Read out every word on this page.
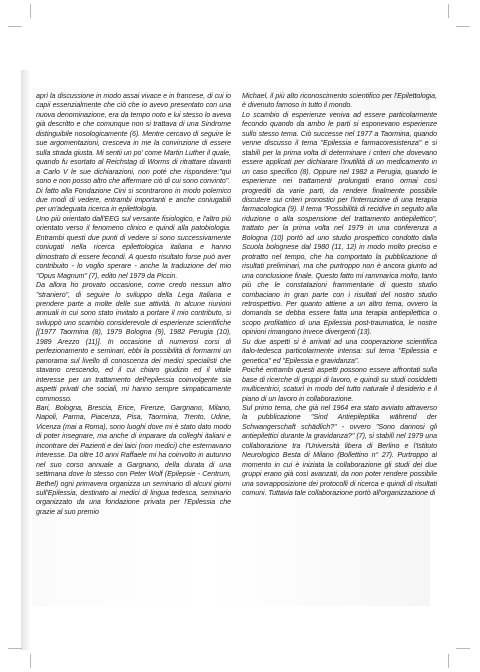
aprì la discussione in modo assai vivace e in francese, di cui io capii essenzialmente che ciò che io avevo presentato con una nuova denominazione, era da tempo noto e lui stesso lo aveva già descritto e che comunque non si trattava di una Sindrome distinguibile nosologicamente (6). Mentre cercavo di seguire le sue argomentazioni, cresceva in me la convinzione di essere sulla strada giusta. Mi sentii un po' come Martin Luther il quale, quando fu esortato al Reichstag di Worms di ritrattare davanti a Carlo V le sue dichiarazioni, non poté che rispondere:"qui sono e non posso altro che affermare ciò di cui sono convinto".

Di fatto alla Fondazione Cini si scontrarono in modo polemico due modi di vedere, entrambi importanti e anche coniugabili per un'adeguata ricerca in epilettologia.

Uno più orientato dall'EEG sul versante fisiologico, e l'altro più orientato verso il fenomeno clinico e quindi alla patobiologia. Entrambi questi due punti di vedere si sono successivamente coniugati nella ricerca epilettologica italiana e hanno dimostrato di essere fecondi. A questo risultato forse può aver contribuito - lo voglio sperare - anche la traduzione del mio "Opus Magnum" (7), edito nel 1979 da Piccin.

Da allora ho provato occasione, come credo nessun altro "straniero", di seguire lo sviluppo della Lega Italiana e prendere parte a molte delle sue attività. In alcune riunioni annuali in cui sono stato invitato a portare il mio contributo, si sviluppò uno scambio considerevole di esperienze scientifiche [(1977 Taormina (8), 1979 Bologna (9), 1982 Perugia (10), 1989 Arezzo (11)]. In occasione di numerosi corsi di perfezionamento e seminari, ebbi la possibilità di formarmi un panorama sul livello di conoscenza dei medici specialisti che stavano crescendo, ed il cui chiaro giudizio ed il vitale interesse per un trattamento dell'epilessia coinvolgente sia aspetti privati che sociali, mi hanno sempre simpaticamente commosso.

Bari, Bologna, Brescia, Erice, Firenze, Gargnano, Milano, Napoli, Parma, Piacenza, Pisa, Taormina, Trento, Udine, Vicenza (mai a Roma), sono luoghi dove mi è stato dato modo di poter insegnare, ma anche di imparare da colleghi italiani e incontrare dei Pazienti e dei laici (non medici) che esternavano interesse. Da oltre 10 anni Raffaele mi ha coinvolto in autunno nel suo corso annuale a Gargnano, della durata di una settimana dove lo stesso con Peter Wolf (Epilepsie - Centrum, Bethel) ogni primavera organizza un seminario di alcuni giorni sull'Epilessia, destinato ai medici di lingua tedesca, seminario organizzato da una fondazione privata per l'Epilessia che grazie al suo premio

Michael, il più alto riconoscimento scientifico per l'Epilettologia, è divenuto famoso in tutto il mondo.

Lo scambio di esperienze veniva ad essere particolarmente fecondo quando da ambo le parti si esponevano esperienze sullo stesso tema. Ciò successe nel 1977 a Taormina, quando venne discusso il tema "Epilessia e farmacoresistenza" e si stabilì per la prima volta di determinare i criteri che dovevano essere applicati per dichiarare l'inutilità di un medicamento in un caso specifico (8). Oppure nel 1982 a Perugia, quando le esperienze nei trattamenti prolungati erano ormai così progrediti da varie parti, da rendere finalmente possibile discutere sui criteri pronostici per l'interruzione di una terapia farmacologica (9). Il tema "Possibilità di recidive in seguito alla riduzione o alla sospensione del trattamento antiepilettico", trattato per la prima volta nel 1979 in una conferenza a Bologna (10) portò ad uno studio prospettico condotto dalla Scuola bolognese dal 1980 (11, 12) in modo molto preciso e protratto nel tempo, che ha comportato la pubblicazione di risultati preliminari, ma che purtroppo non è ancora giunto ad una conclusione finale. Questo fatto mi rammarica molto, tanto più che le constatazioni frammentarie di questo studio combaciano in gran parte con i risultati del nostro studio retrospettivo. Per quanto attiene a un altro tema, ovvero la domanda se debba essere fatta una terapia antiepilettica o scopo profilattico di una Epilessia post-traumatica, le nostre opinioni rimangono invece divergenti (13).

Su due aspetti si è arrivati ad una cooperazione scientifica italo-tedesca particolarmente intensa: sul tema "Epilessia e genetica" ed "Epilessia e gravidanza".

Poiché entrambi questi aspetti possono essere affrontati sulla base di ricerche di gruppi di lavoro, e quindi su studi cosiddetti multicentrici, scaturì in modo del tutto naturale il desiderio e il piano di un lavoro in collaborazione.

Sul primo tema, che già nel 1964 era stato avviato attraverso la pubblicazione "Sind Antiepileptika während der Schwangerschaft schädlich?" - ovvero "Sono dannosi gli antiepilettici durante la gravidanza?" (7), si stabilì nel 1979 una collaborazione tra l'Università libera di Berlino e l'Istituto Neurologico Besta di Milano (Bollettino n° 27). Purtroppo al momento in cui è iniziata la collaborazione gli studi dei due gruppi erano già così avanzati, da non poter rendere possibile una sovrapposizione dei protocolli di ricerca e quindi di risultati comuni. Tuttavia tale collaborazione portò all'organizzazione di
